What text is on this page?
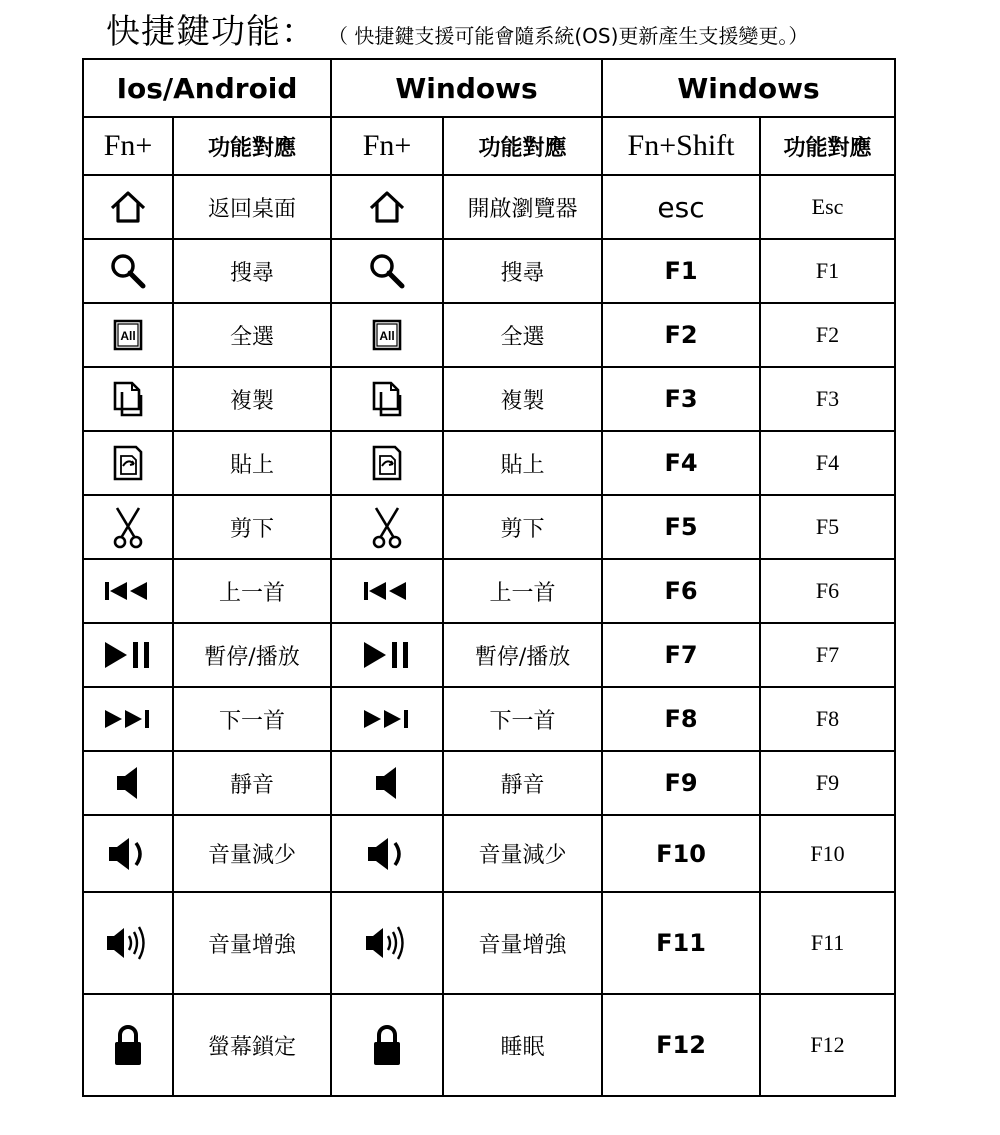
快捷鍵功能： （ 快捷鍵支援可能會隨系統(OS)更新產生支援變更。）
Ios/Android		Windows		Windows	
Fn+	功能對應	Fn+	功能對應	Fn+Shift	功能對應

	返回桌面		開啟瀏覽器	esc	Esc

	搜尋		搜尋	F1	F1

All	全選	All	全選	F2	F2

	複製		複製	F3	F3

	貼上		貼上	F4	F4

	剪下		剪下	F5	F5

	上一首		上一首	F6	F6

	暫停/播放		暫停/播放	F7	F7

	下一首		下一首	F8	F8

	靜音		靜音	F9	F9

	音量減少		音量減少	F10	F10

	音量增強		音量增強	F11	F11

	螢幕鎖定		睡眠	F12	F12
